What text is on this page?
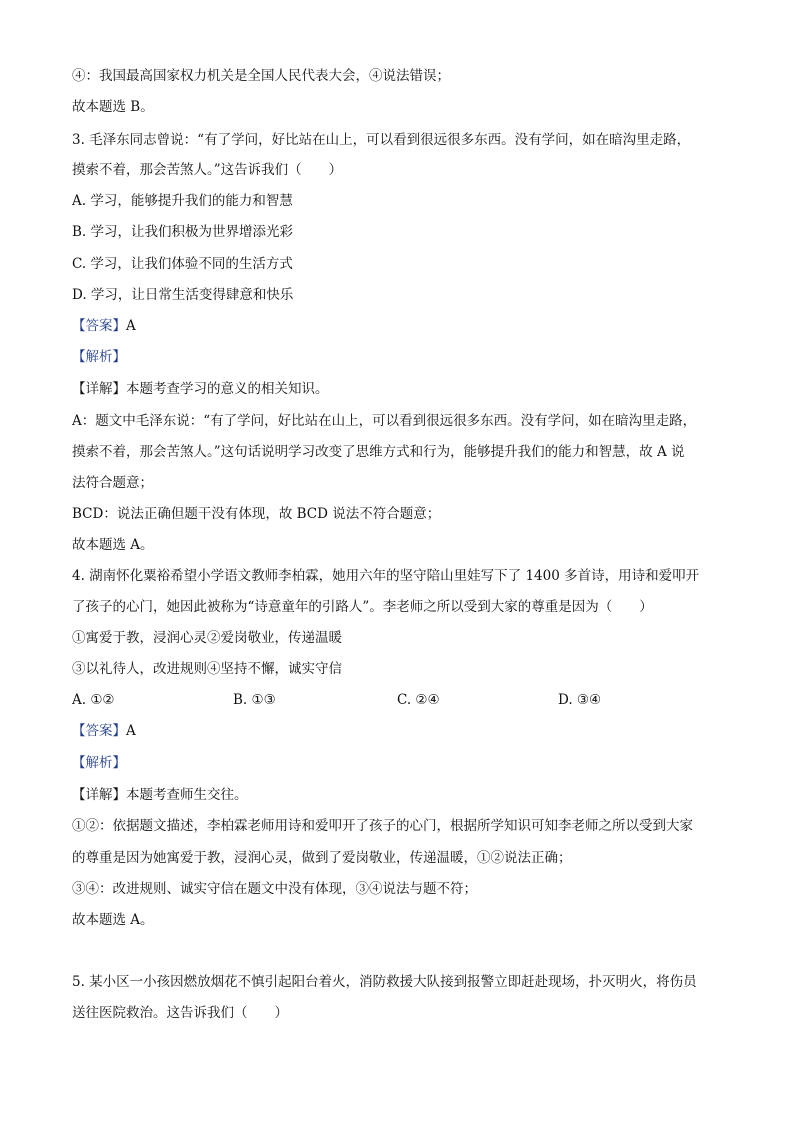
④：我国最高国家权力机关是全国人民代表大会，④说法错误；
故本题选 B。
3. 毛泽东同志曾说：“有了学问，好比站在山上，可以看到很远很多东西。没有学问，如在暗沟里走路，
摸索不着，那会苦煞人。”这告诉我们（　　）
A. 学习，能够提升我们的能力和智慧
B. 学习，让我们积极为世界增添光彩
C. 学习，让我们体验不同的生活方式
D. 学习，让日常生活变得肆意和快乐
【答案】A
【解析】
【详解】本题考查学习的意义的相关知识。
A：题文中毛泽东说：“有了学问，好比站在山上，可以看到很远很多东西。没有学问，如在暗沟里走路，
摸索不着，那会苦煞人。”这句话说明学习改变了思维方式和行为，能够提升我们的能力和智慧，故 A 说
法符合题意；
BCD：说法正确但题干没有体现，故 BCD 说法不符合题意；
故本题选 A。
4. 湖南怀化粟裕希望小学语文教师李柏霖，她用六年的坚守陪山里娃写下了 1400 多首诗，用诗和爱叩开
了孩子的心门，她因此被称为“诗意童年的引路人”。李老师之所以受到大家的尊重是因为（　　）
①寓爱于教，浸润心灵②爱岗敬业，传递温暖
③以礼待人，改进规则④坚持不懈，诚实守信
A. ①②	B. ①③	C. ②④	D. ③④
【答案】A
【解析】
【详解】本题考查师生交往。
①②：依据题文描述，李柏霖老师用诗和爱叩开了孩子的心门，根据所学知识可知李老师之所以受到大家
的尊重是因为她寓爱于教，浸润心灵，做到了爱岗敬业，传递温暖，①②说法正确；
③④：改进规则、诚实守信在题文中没有体现，③④说法与题不符；
故本题选 A。
5. 某小区一小孩因燃放烟花不慎引起阳台着火，消防救援大队接到报警立即赶赴现场，扑灭明火，将伤员
送往医院救治。这告诉我们（　　）
